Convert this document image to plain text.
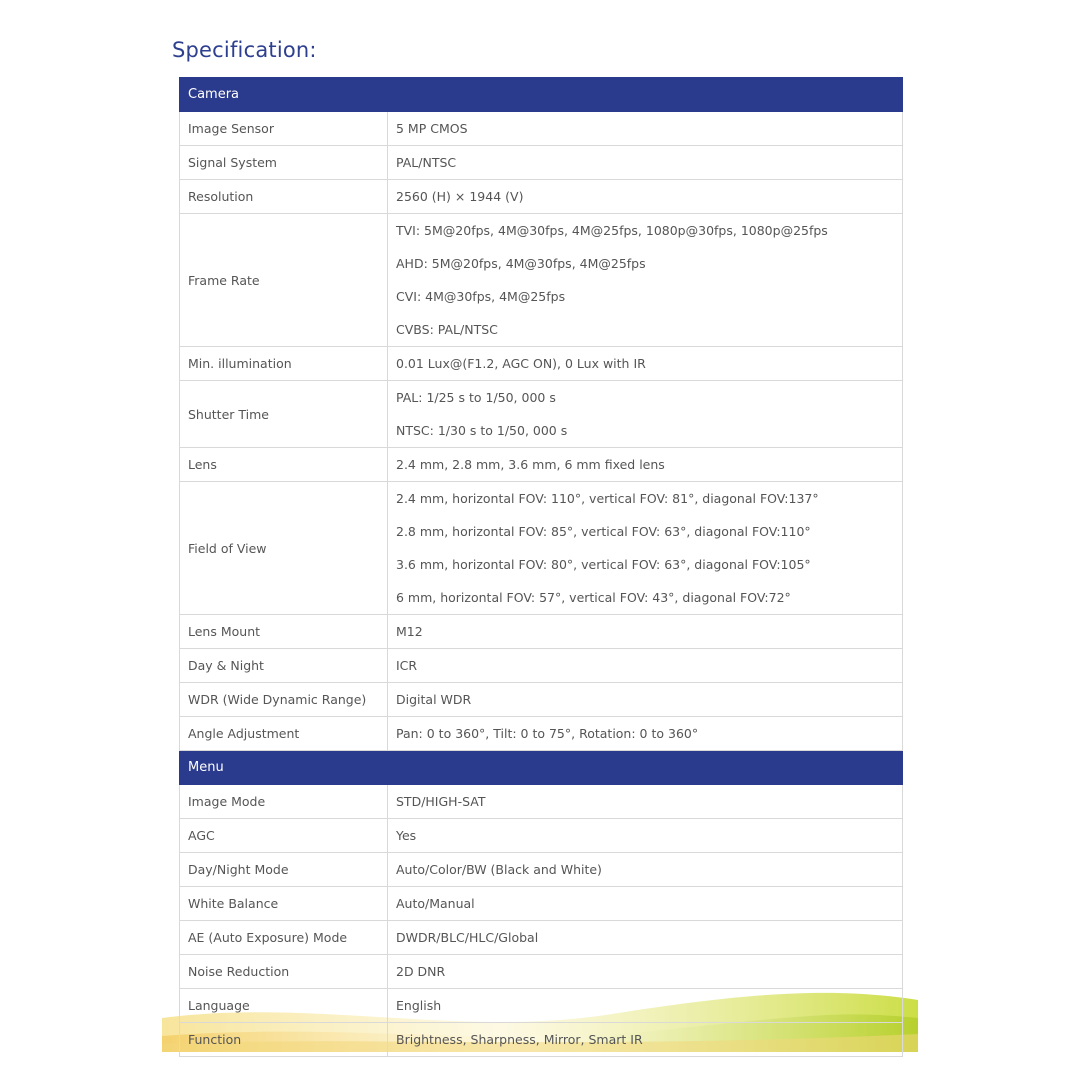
Specification:
Camera	
Image Sensor	5 MP CMOS
Signal System	PAL/NTSC
Resolution	2560 (H) × 1944 (V)
Frame Rate	TVI: 5M@20fps, 4M@30fps, 4M@25fps, 1080p@30fps, 1080p@25fps
AHD: 5M@20fps, 4M@30fps, 4M@25fps
CVI: 4M@30fps, 4M@25fps
CVBS: PAL/NTSC

Min. illumination	0.01 Lux@(F1.2, AGC ON), 0 Lux with IR
Shutter Time	PAL: 1/25 s to 1/50, 000 s
NTSC: 1/30 s to 1/50, 000 s

Lens	2.4 mm, 2.8 mm, 3.6 mm, 6 mm fixed lens
Field of View	2.4 mm, horizontal FOV: 110°, vertical FOV: 81°, diagonal FOV:137°
2.8 mm, horizontal FOV: 85°, vertical FOV: 63°, diagonal FOV:110°
3.6 mm, horizontal FOV: 80°, vertical FOV: 63°, diagonal FOV:105°
6 mm, horizontal FOV: 57°, vertical FOV: 43°, diagonal FOV:72°

Lens Mount	M12
Day & Night	ICR
WDR (Wide Dynamic Range)	Digital WDR
Angle Adjustment	Pan: 0 to 360°, Tilt: 0 to 75°, Rotation: 0 to 360°
Menu	
Image Mode	STD/HIGH-SAT
AGC	Yes
Day/Night Mode	Auto/Color/BW (Black and White)
White Balance	Auto/Manual
AE (Auto Exposure) Mode	DWDR/BLC/HLC/Global
Noise Reduction	2D DNR
Language	English
Function	Brightness, Sharpness, Mirror, Smart IR
